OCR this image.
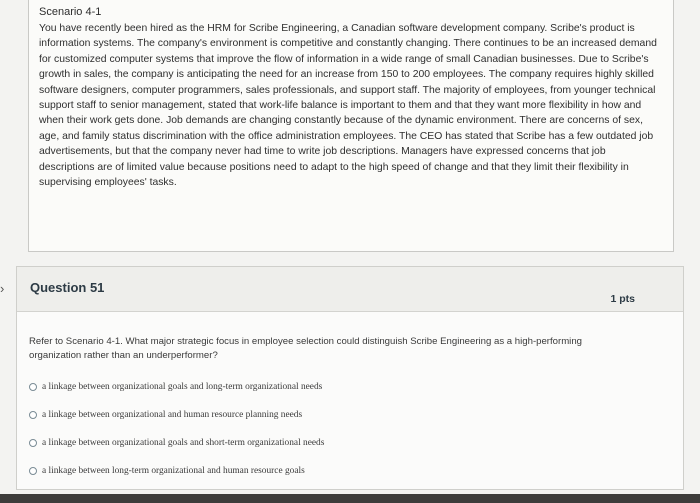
Scenario 4-1

You have recently been hired as the HRM for Scribe Engineering, a Canadian software development company. Scribe's product is information systems. The company's environment is competitive and constantly changing. There continues to be an increased demand for customized computer systems that improve the flow of information in a wide range of small Canadian businesses. Due to Scribe's growth in sales, the company is anticipating the need for an increase from 150 to 200 employees. The company requires highly skilled software designers, computer programmers, sales professionals, and support staff. The majority of employees, from younger technical support staff to senior management, stated that work-life balance is important to them and that they want more flexibility in how and when their work gets done. Job demands are changing constantly because of the dynamic environment. There are concerns of sex, age, and family status discrimination with the office administration employees. The CEO has stated that Scribe has a few outdated job advertisements, but that the company never had time to write job descriptions. Managers have expressed concerns that job descriptions are of limited value because positions need to adapt to the high speed of change and that they limit their flexibility in supervising employees' tasks.

›	Question 51
1 pts
Refer to Scenario 4-1. What major strategic focus in employee selection could distinguish Scribe Engineering as a high-performing organization rather than an underperformer?
a linkage between organizational goals and long-term organizational needs
a linkage between organizational and human resource planning needs
a linkage between organizational goals and short-term organizational needs
a linkage between long-term organizational and human resource goals
